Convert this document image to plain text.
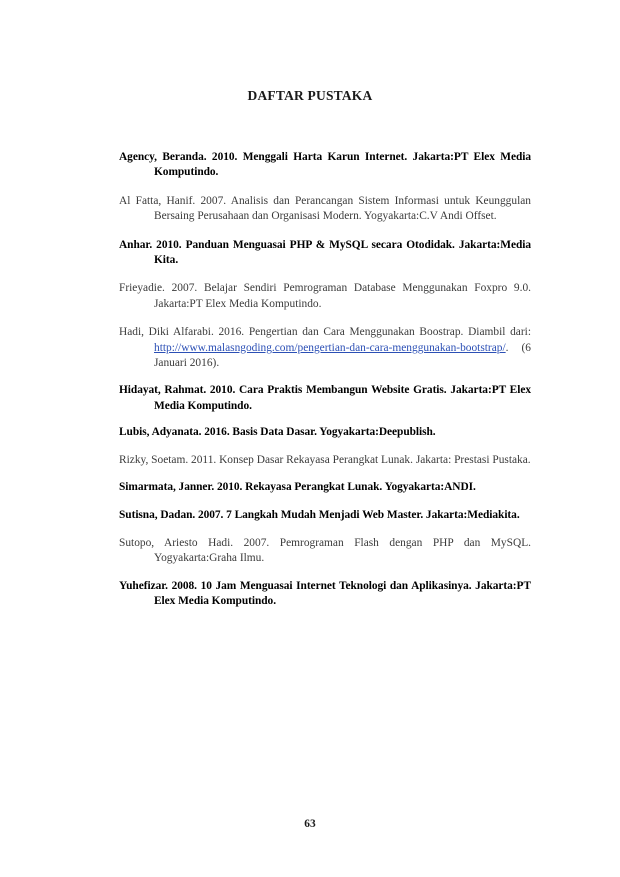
DAFTAR PUSTAKA

Agency, Beranda. 2010. Menggali Harta Karun Internet. Jakarta:PT Elex Media Komputindo.

Al Fatta, Hanif. 2007. Analisis dan Perancangan Sistem Informasi untuk Keunggulan Bersaing Perusahaan dan Organisasi Modern. Yogyakarta:C.V Andi Offset.

Anhar. 2010. Panduan Menguasai PHP & MySQL secara Otodidak. Jakarta:Media Kita.

Frieyadie. 2007. Belajar Sendiri Pemrograman Database Menggunakan Foxpro 9.0. Jakarta:PT Elex Media Komputindo.

Hadi, Diki Alfarabi. 2016. Pengertian dan Cara Menggunakan Boostrap. Diambil dari: http://www.malasngoding.com/pengertian-dan-cara-menggunakan-bootstrap/. (6 Januari 2016).

Hidayat, Rahmat. 2010. Cara Praktis Membangun Website Gratis. Jakarta:PT Elex Media Komputindo.

Lubis, Adyanata. 2016. Basis Data Dasar. Yogyakarta:Deepublish.

Rizky, Soetam. 2011. Konsep Dasar Rekayasa Perangkat Lunak. Jakarta: Prestasi Pustaka.

Simarmata, Janner. 2010. Rekayasa Perangkat Lunak. Yogyakarta:ANDI.

Sutisna, Dadan. 2007. 7 Langkah Mudah Menjadi Web Master. Jakarta:Mediakita.

Sutopo, Ariesto Hadi. 2007. Pemrograman Flash dengan PHP dan MySQL. Yogyakarta:Graha Ilmu.

Yuhefizar. 2008. 10 Jam Menguasai Internet Teknologi dan Aplikasinya. Jakarta:PT Elex Media Komputindo.

63
